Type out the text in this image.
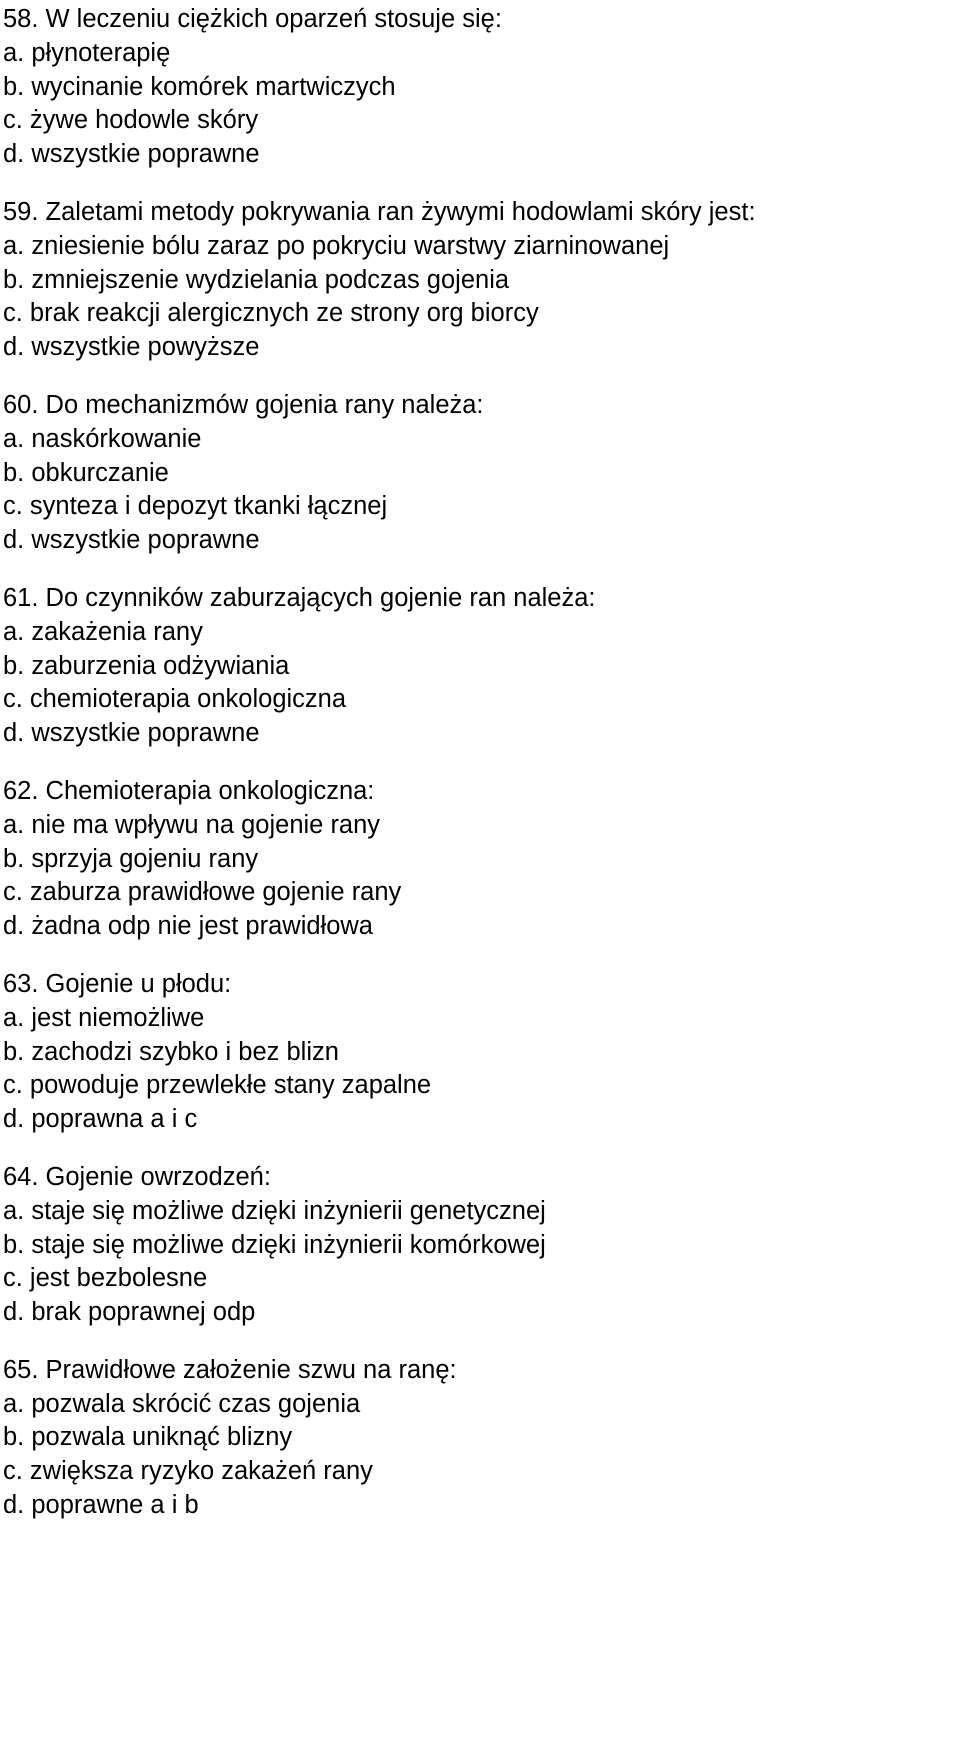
58. W leczeniu ciężkich oparzeń stosuje się:
a. płynoterapię
b. wycinanie komórek martwiczych
c. żywe hodowle skóry
d. wszystkie poprawne
59. Zaletami metody pokrywania ran żywymi hodowlami skóry jest:
a. zniesienie bólu zaraz po pokryciu warstwy ziarninowanej
b. zmniejszenie wydzielania podczas gojenia
c. brak reakcji alergicznych ze strony org biorcy
d. wszystkie powyższe
60. Do mechanizmów gojenia rany należa:
a. naskórkowanie
b. obkurczanie
c. synteza i depozyt tkanki łącznej
d. wszystkie poprawne
61. Do czynników zaburzających gojenie ran należa:
a. zakażenia rany
b. zaburzenia odżywiania
c. chemioterapia onkologiczna
d. wszystkie poprawne
62. Chemioterapia onkologiczna:
a. nie ma wpływu na gojenie rany
b. sprzyja gojeniu rany
c. zaburza prawidłowe gojenie rany
d. żadna odp nie jest prawidłowa
63. Gojenie u płodu:
a. jest niemożliwe
b. zachodzi szybko i bez blizn
c. powoduje przewlekłe stany zapalne
d. poprawna a i c
64. Gojenie owrzodzeń:
a. staje się możliwe dzięki inżynierii genetycznej
b. staje się możliwe dzięki inżynierii komórkowej
c. jest bezbolesne
d. brak poprawnej odp
65. Prawidłowe założenie szwu na ranę:
a. pozwala skrócić czas gojenia
b. pozwala uniknąć blizny
c. zwiększa ryzyko zakażeń rany
d. poprawne a i b
